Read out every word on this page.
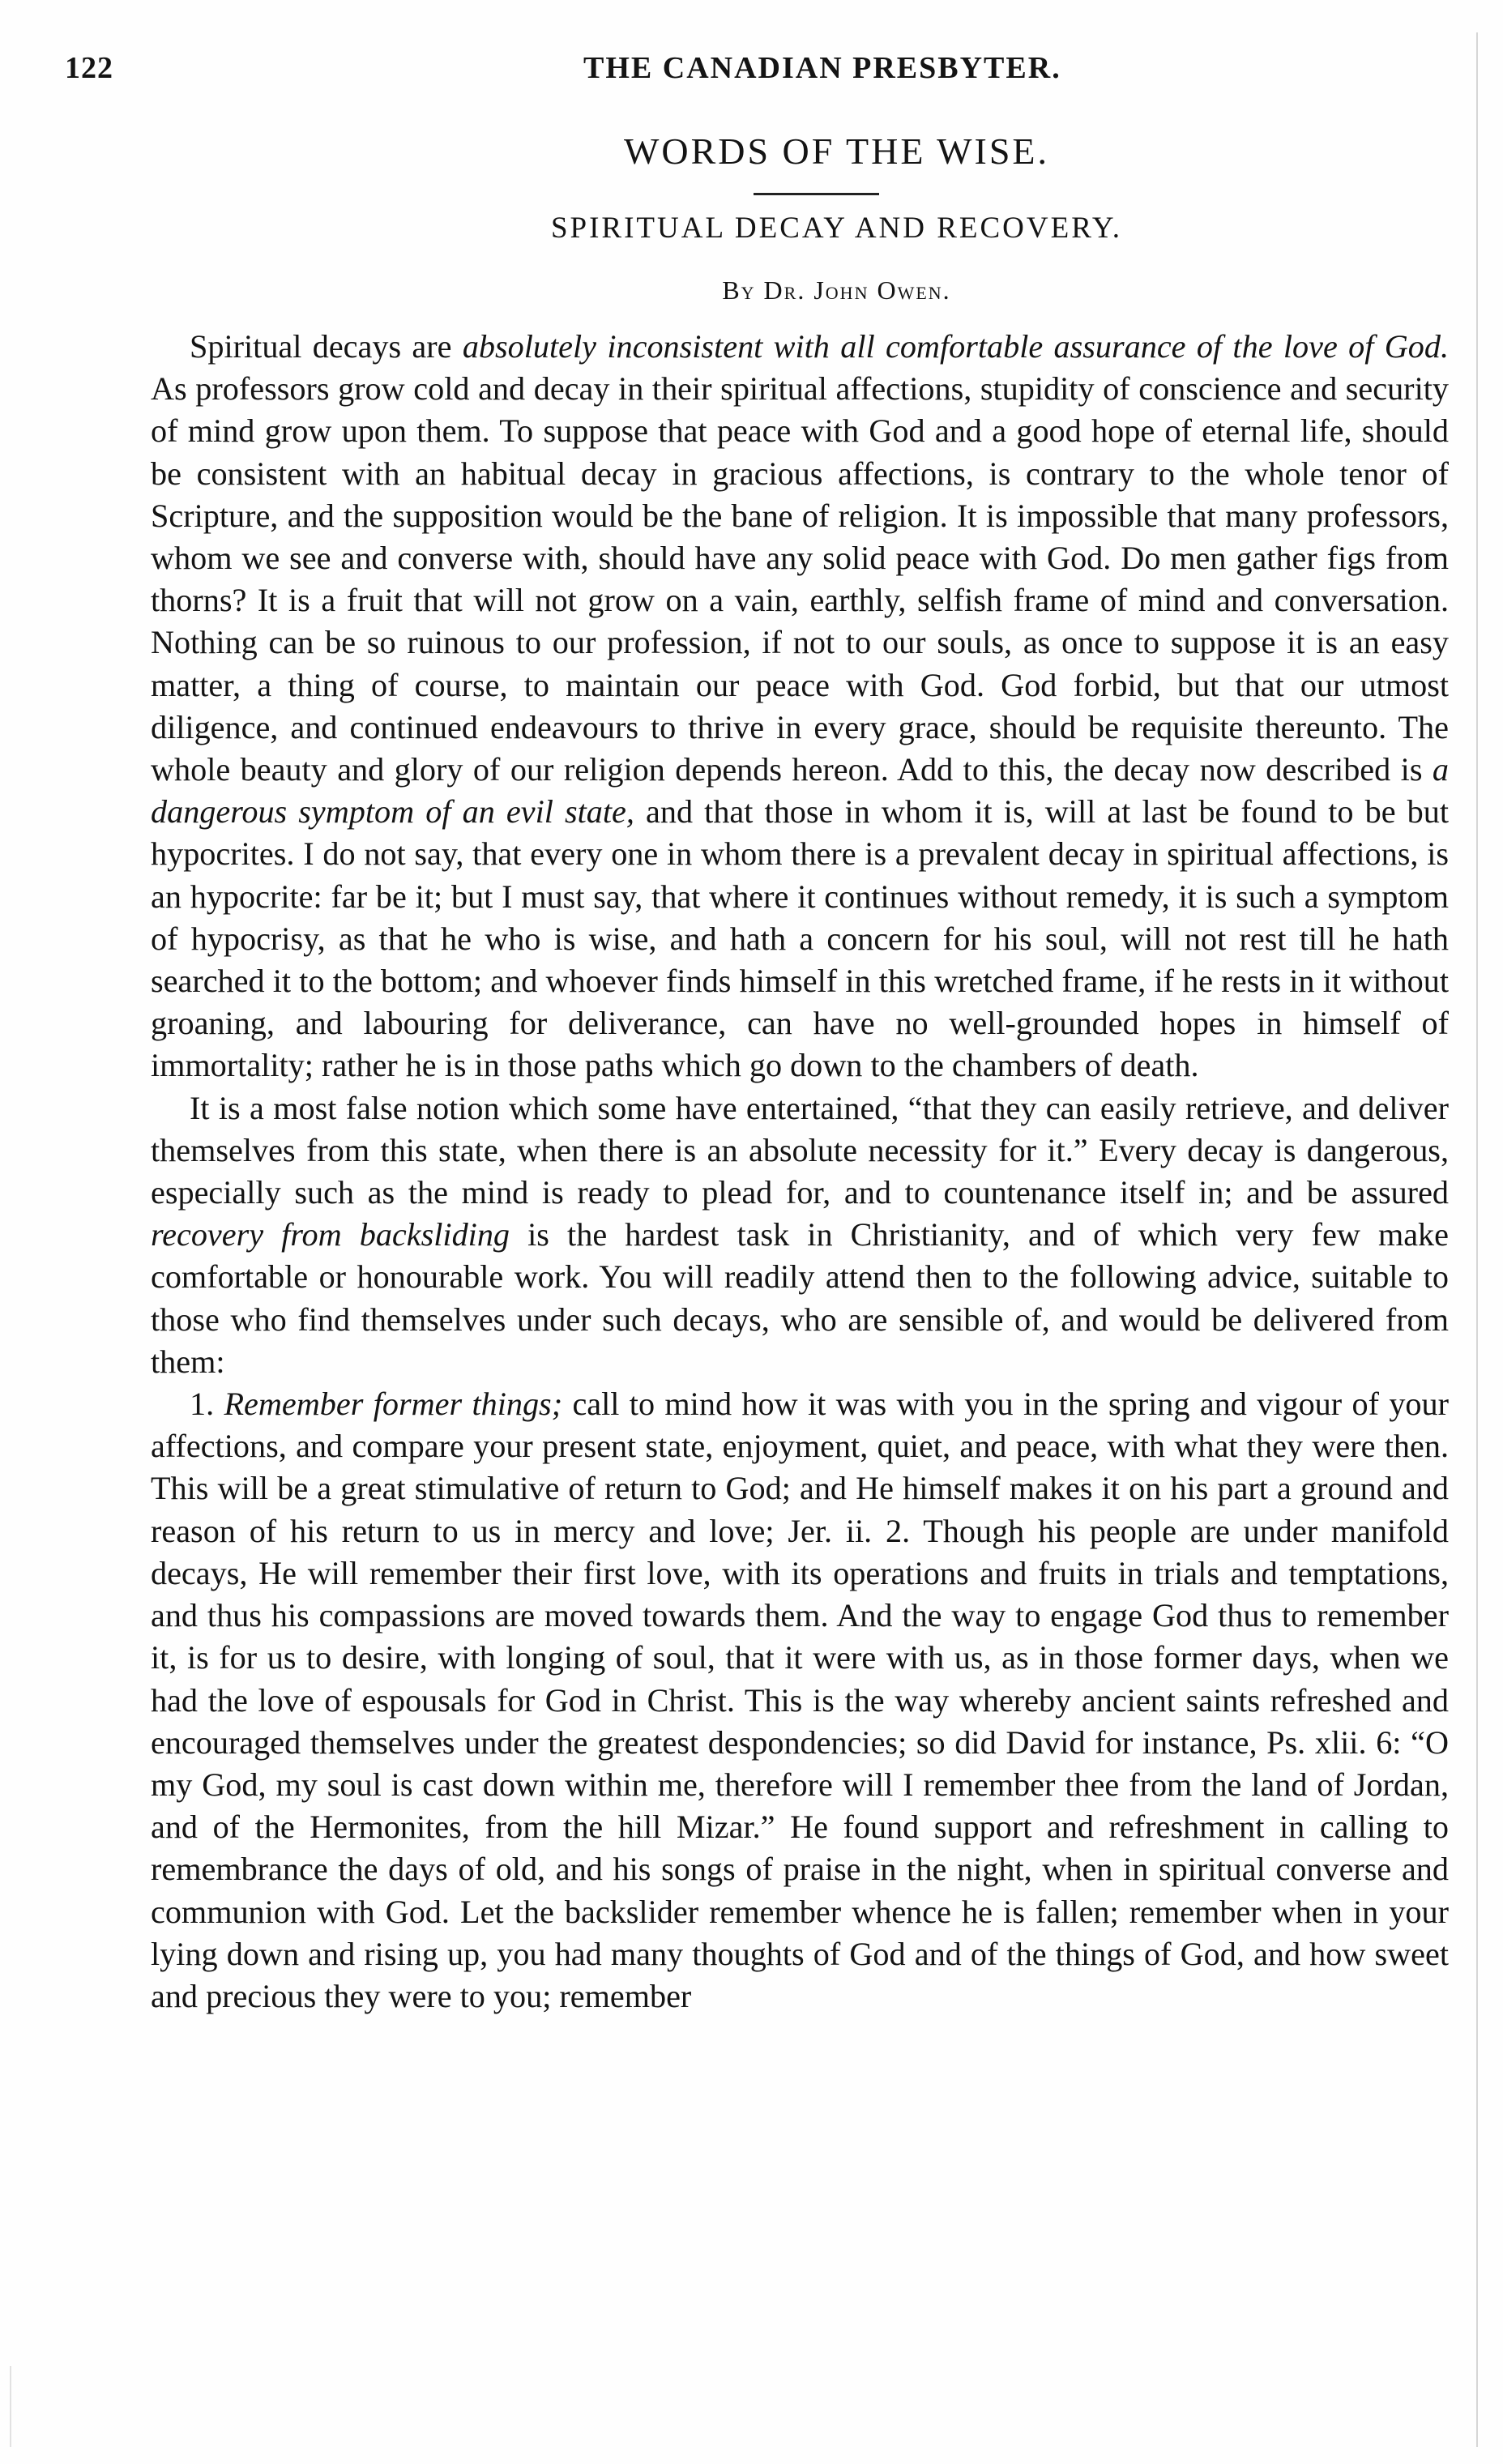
122	THE CANADIAN PRESBYTER.
WORDS OF THE WISE.
SPIRITUAL DECAY AND RECOVERY.
By Dr. John Owen.

Spiritual decays are absolutely inconsistent with all comfortable assurance of the love of God. As professors grow cold and decay in their spiritual affections, stupidity of conscience and security of mind grow upon them. To suppose that peace with God and a good hope of eternal life, should be consistent with an habitual decay in gracious affections, is contrary to the whole tenor of Scripture, and the supposition would be the bane of religion. It is impossible that many professors, whom we see and converse with, should have any solid peace with God. Do men gather figs from thorns? It is a fruit that will not grow on a vain, earthly, selfish frame of mind and conversation. Nothing can be so ruinous to our profession, if not to our souls, as once to suppose it is an easy matter, a thing of course, to maintain our peace with God. God forbid, but that our utmost diligence, and continued endeavours to thrive in every grace, should be requisite thereunto. The whole beauty and glory of our religion depends hereon. Add to this, the decay now described is a dangerous symptom of an evil state, and that those in whom it is, will at last be found to be but hypocrites. I do not say, that every one in whom there is a prevalent decay in spiritual affections, is an hypocrite: far be it; but I must say, that where it continues without remedy, it is such a symptom of hypocrisy, as that he who is wise, and hath a concern for his soul, will not rest till he hath searched it to the bottom; and whoever finds himself in this wretched frame, if he rests in it without groaning, and labouring for deliverance, can have no well-grounded hopes in himself of immortality; rather he is in those paths which go down to the chambers of death.

It is a most false notion which some have entertained, “that they can easily retrieve, and deliver themselves from this state, when there is an absolute necessity for it.” Every decay is dangerous, especially such as the mind is ready to plead for, and to countenance itself in; and be assured recovery from backsliding is the hardest task in Christianity, and of which very few make comfortable or honourable work. You will readily attend then to the following advice, suitable to those who find themselves under such decays, who are sensible of, and would be delivered from them:

1. Remember former things; call to mind how it was with you in the spring and vigour of your affections, and compare your present state, enjoyment, quiet, and peace, with what they were then. This will be a great stimulative of return to God; and He himself makes it on his part a ground and reason of his return to us in mercy and love; Jer. ii. 2. Though his people are under manifold decays, He will remember their first love, with its operations and fruits in trials and temptations, and thus his compassions are moved towards them. And the way to engage God thus to remember it, is for us to desire, with longing of soul, that it were with us, as in those former days, when we had the love of espousals for God in Christ. This is the way whereby ancient saints refreshed and encouraged themselves under the greatest despondencies; so did David for instance, Ps. xlii. 6: “O my God, my soul is cast down within me, therefore will I remember thee from the land of Jordan, and of the Hermonites, from the hill Mizar.” He found support and refreshment in calling to remembrance the days of old, and his songs of praise in the night, when in spiritual converse and communion with God. Let the backslider remember whence he is fallen; remember when in your lying down and rising up, you had many thoughts of God and of the things of God, and how sweet and precious they were to you; remember
